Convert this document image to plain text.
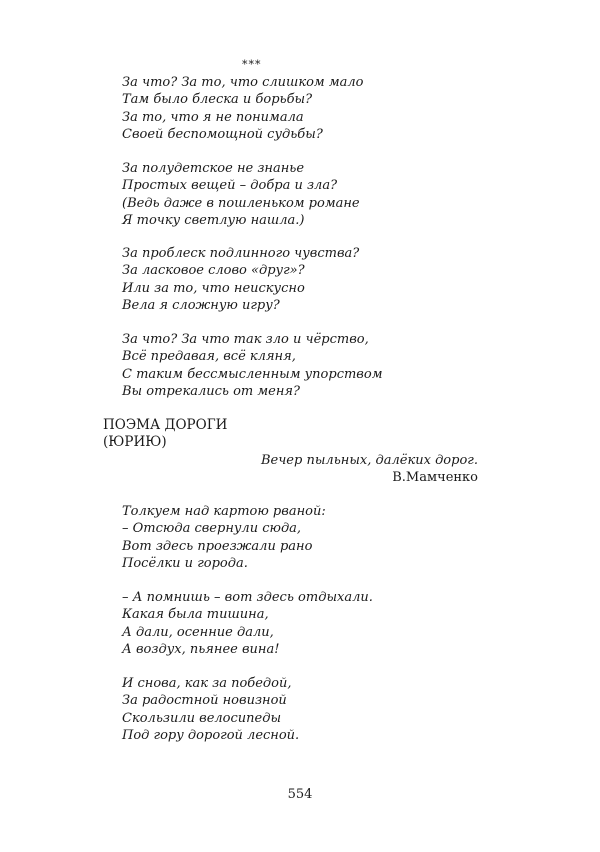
***
За что? За то, что слишком мало
Там было блеска и борьбы?
За то, что я не понимала
Своей беспомощной судьбы?
За полудетское не знанье
Простых вещей – добра и зла?
(Ведь даже в пошленьком романе
Я точку светлую нашла.)
За проблеск подлинного чувства?
За ласковое слово «друг»?
Или за то, что неискусно
Вела я сложную игру?
За что? За что так зло и чёрство,
Всё предавая, всё кляня,
С таким бессмысленным упорством
Вы отрекались от меня?
ПОЭМА ДОРОГИ
(ЮРИЮ)
Вечер пыльных, далёких дорог.
В.Мамченко
Толкуем над картою рваной:
– Отсюда свернули сюда,
Вот здесь проезжали рано
Посёлки и города.
– А помнишь – вот здесь отдыхали.
Какая была тишина,
А дали, осенние дали,
А воздух, пьянее вина!
И снова, как за победой,
За радостной новизной
Скользили велосипеды
Под гору дорогой лесной.
554
